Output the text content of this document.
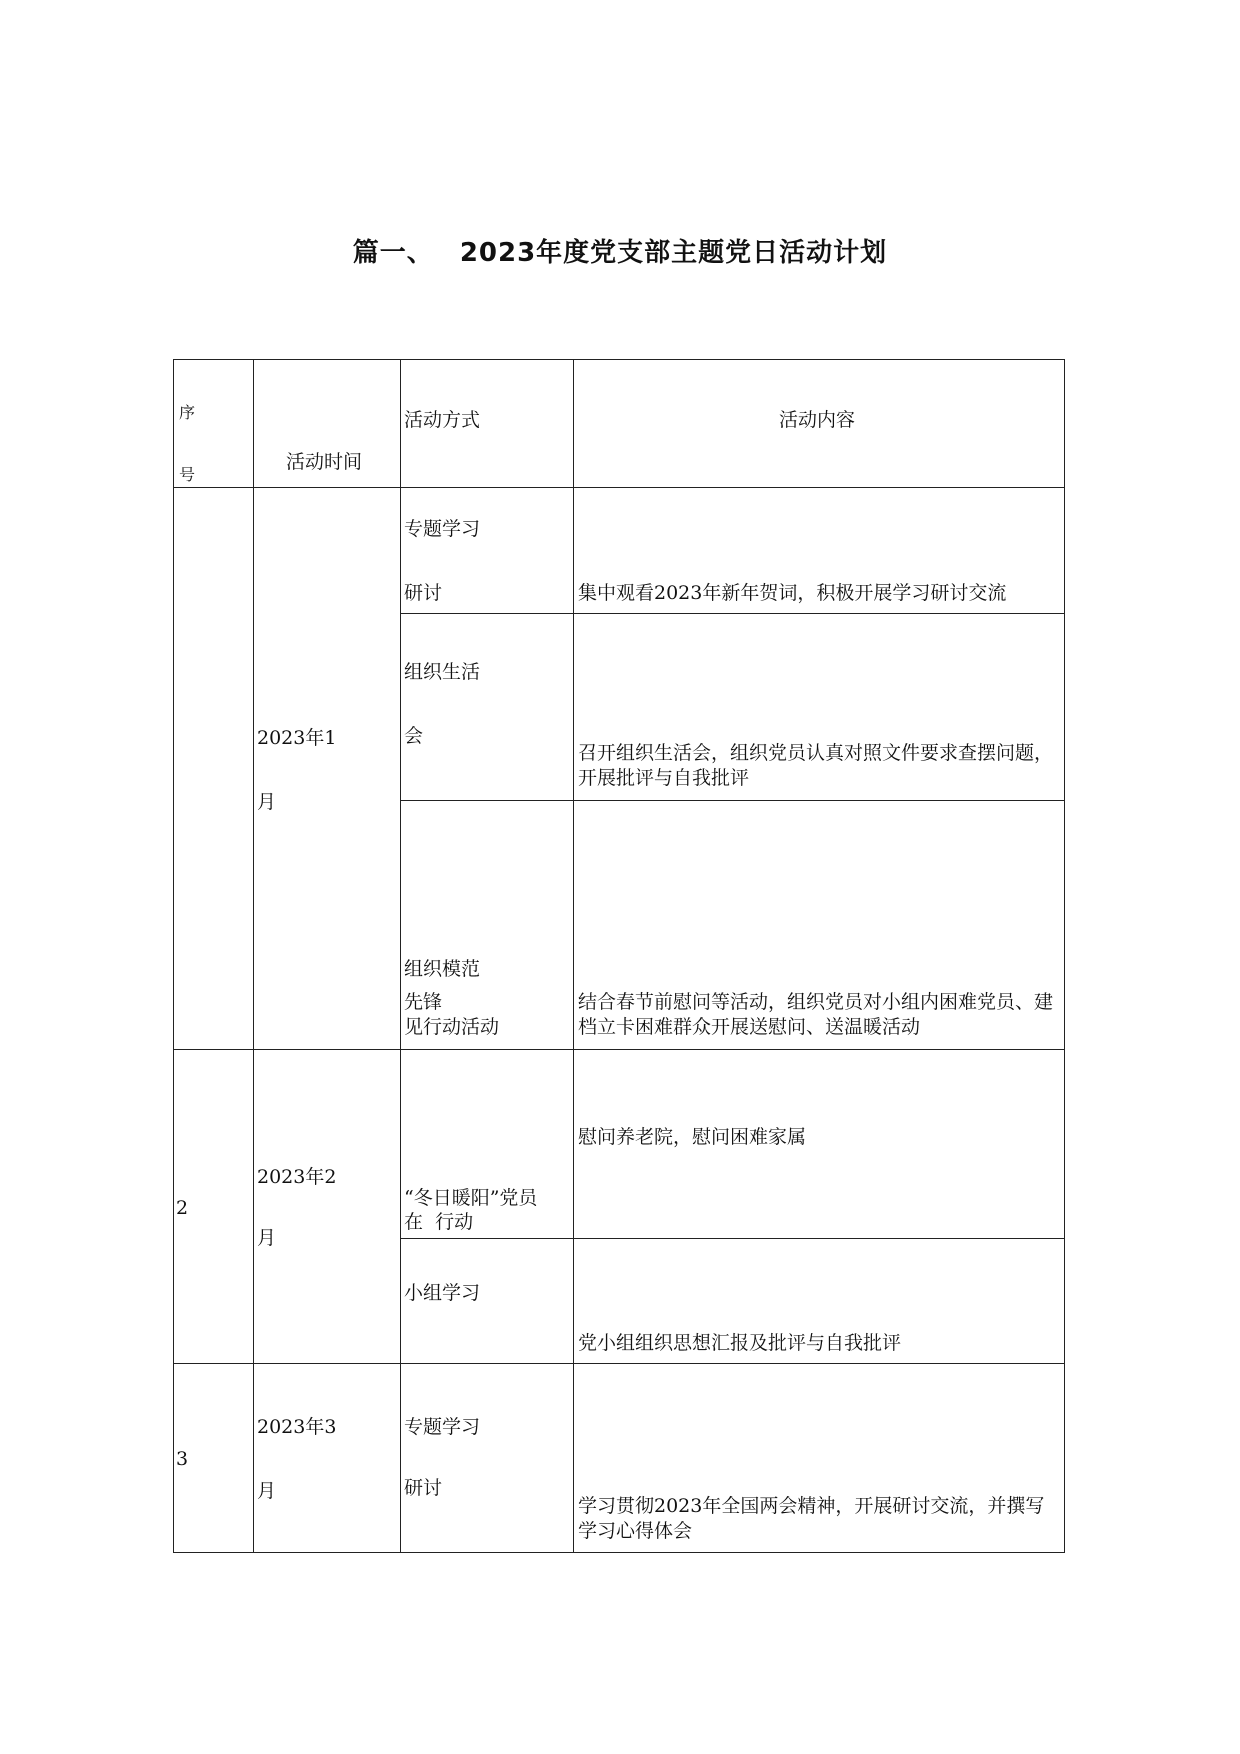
篇一、 2023年度党支部主题党日活动计划
序
号	活动时间	活动方式	活动内容

	2023年1
月	专题学习
研讨	集中观看2023年新年贺词，积极开展学习研讨交流

		组织生活
会	召开组织生活会，组织党员认真对照文件要求查摆问题，开展批评与自我批评

		组织模范
先锋
见行动活动	结合春节前慰问等活动，组织党员对小组内困难党员、建档立卡困难群众开展送慰问、送温暖活动

2	2023年2
月	“冬日暖阳”党员
在  行动	慰问养老院，慰问困难家属

		小组学习	党小组组织思想汇报及批评与自我批评

3	2023年3
月	专题学习
研讨	学习贯彻2023年全国两会精神，开展研讨交流，并撰写学习心得体会
